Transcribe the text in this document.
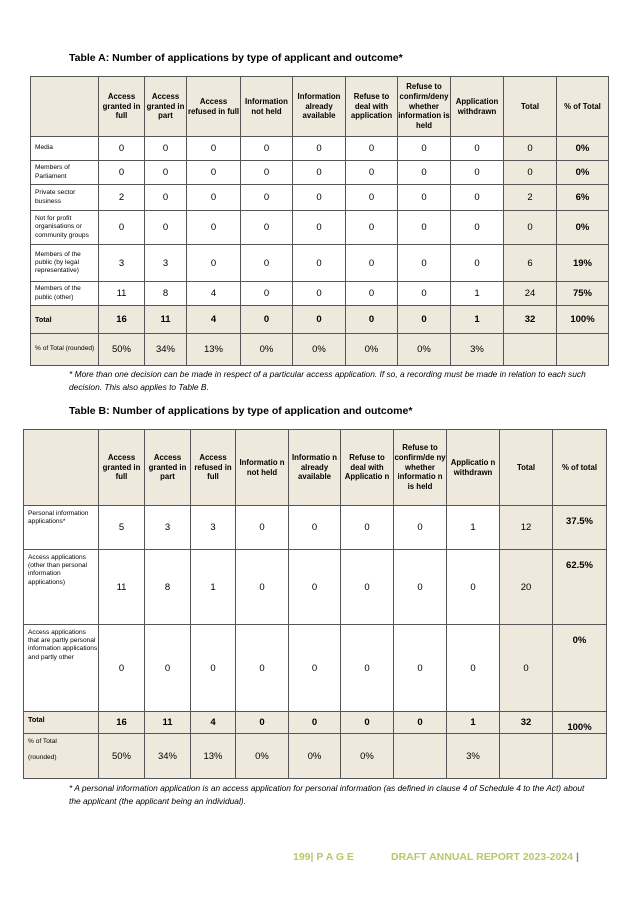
Table A: Number of applications by type of applicant and outcome*
	Access granted in full	Access granted in part	Access refused in full	Information not held	Information already available	Refuse to deal with application	Refuse to confirm/deny whether information is held	Application withdrawn	Total	% of Total
Media	0	0	0	0	0	0	0	0	0	0%
Members of Parliament	0	0	0	0	0	0	0	0	0	0%
Private sector business	2	0	0	0	0	0	0	0	2	6%
Not for profit organisations or community groups	0	0	0	0	0	0	0	0	0	0%
Members of the public (by legal representative)	3	3	0	0	0	0	0	0	6	19%
Members of the public (other)	11	8	4	0	0	0	0	1	24	75%
Total	16	11	4	0	0	0	0	1	32	100%
% of Total (rounded)	50%	34%	13%	0%	0%	0%	0%	3%		
* More than one decision can be made in respect of a particular access application. If so, a recording must be made in relation to each such decision. This also applies to Table B.
Table B: Number of applications by type of application and outcome*
	Access granted in full	Access granted in part	Access refused in full	Informatio n not held	Informatio n already available	Refuse to deal with Applicatio n	Refuse to confirm/de ny whether informatio n is held	Applicatio n withdrawn	Total	% of total
Personal information applications*	5	3	3	0	0	0	0	1	12	37.5%
Access applications (other than personal information applications)	11	8	1	0	0	0	0	0	20	62.5%
Access applications that are partly personal information applications and partly other	0	0	0	0	0	0	0	0	0	0%
Total	16	11	4	0	0	0	0	1	32	100%
% of Total

(rounded)	50%	34%	13%	0%	0%	0%		3%		
* A personal information application is an access application for personal information (as defined in clause 4 of Schedule 4 to the Act) about the applicant (the applicant being an individual).
199| P A G E	DRAFT ANNUAL REPORT 2023-2024 |
